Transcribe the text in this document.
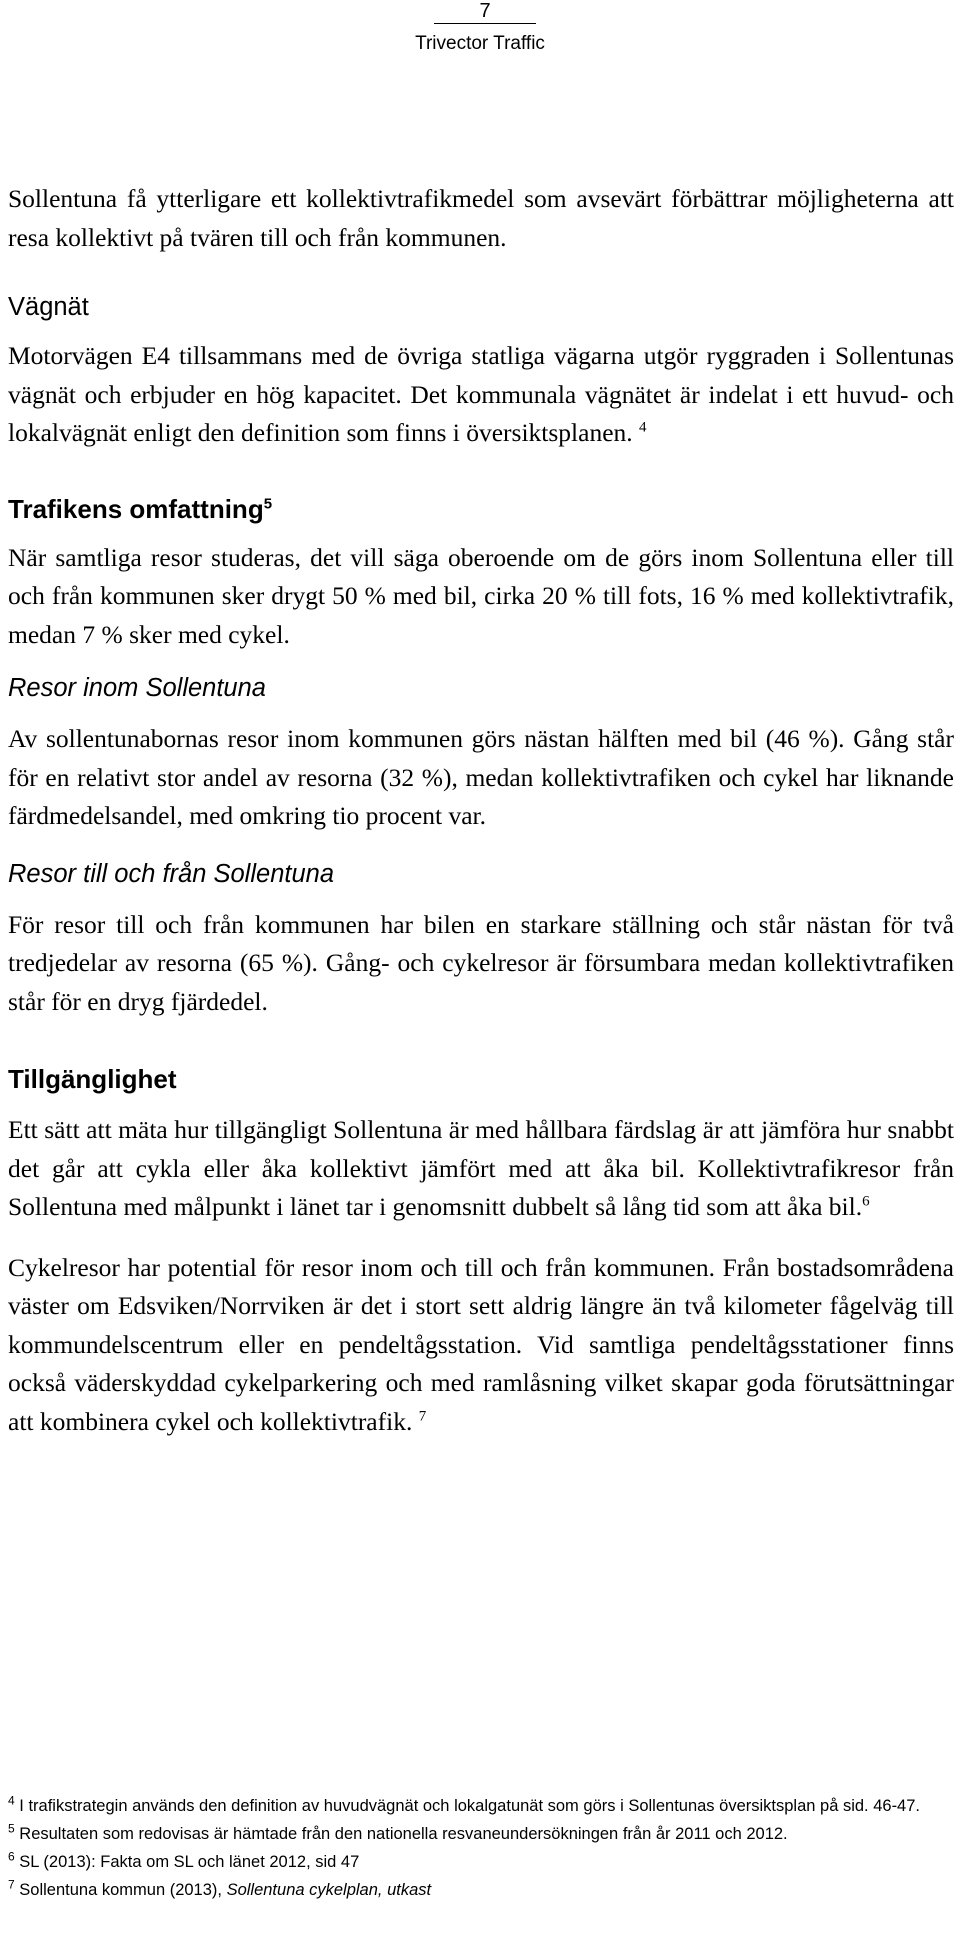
7
Trivector Traffic

Sollentuna få ytterligare ett kollektivtrafikmedel som avsevärt förbättrar möjligheterna att resa kollektivt på tvären till och från kommunen.

Vägnät

Motorvägen E4 tillsammans med de övriga statliga vägarna utgör ryggraden i Sollentunas vägnät och erbjuder en hög kapacitet. Det kommunala vägnätet är indelat i ett huvud- och lokalvägnät enligt den definition som finns i översiktsplanen. $^4$

Trafikens omfattning$^5$

När samtliga resor studeras, det vill säga oberoende om de görs inom Sollentuna eller till och från kommunen sker drygt 50 % med bil, cirka 20 % till fots, 16 % med kollektivtrafik, medan 7 % sker med cykel.

Resor inom Sollentuna

Av sollentunabornas resor inom kommunen görs nästan hälften med bil (46 %). Gång står för en relativt stor andel av resorna (32 %), medan kollektivtrafiken och cykel har liknande färdmedelsandel, med omkring tio procent var.

Resor till och från Sollentuna

För resor till och från kommunen har bilen en starkare ställning och står nästan för två tredjedelar av resorna (65 %). Gång- och cykelresor är försumbara medan kollektivtrafiken står för en dryg fjärdedel.

Tillgänglighet

Ett sätt att mäta hur tillgängligt Sollentuna är med hållbara färdslag är att jämföra hur snabbt det går att cykla eller åka kollektivt jämfört med att åka bil. Kollektivtrafikresor från Sollentuna med målpunkt i länet tar i genomsnitt dubbelt så lång tid som att åka bil.$^6$

Cykelresor har potential för resor inom och till och från kommunen. Från bostadsområdena väster om Edsviken/Norrviken är det i stort sett aldrig längre än två kilometer fågelväg till kommundelscentrum eller en pendeltågsstation. Vid samtliga pendeltågsstationer finns också väderskyddad cykelparkering och med ramlåsning vilket skapar goda förutsättningar att kombinera cykel och kollektivtrafik. $^7$

$^4$ I trafikstrategin används den definition av huvudvägnät och lokalgatunät som görs i Sollentunas översiktsplan på sid. 46-47.
$^5$ Resultaten som redovisas är hämtade från den nationella resvaneundersökningen från år 2011 och 2012.
$^6$ SL (2013): Fakta om SL och länet 2012, sid 47
$^7$ Sollentuna kommun (2013), Sollentuna cykelplan, utkast
